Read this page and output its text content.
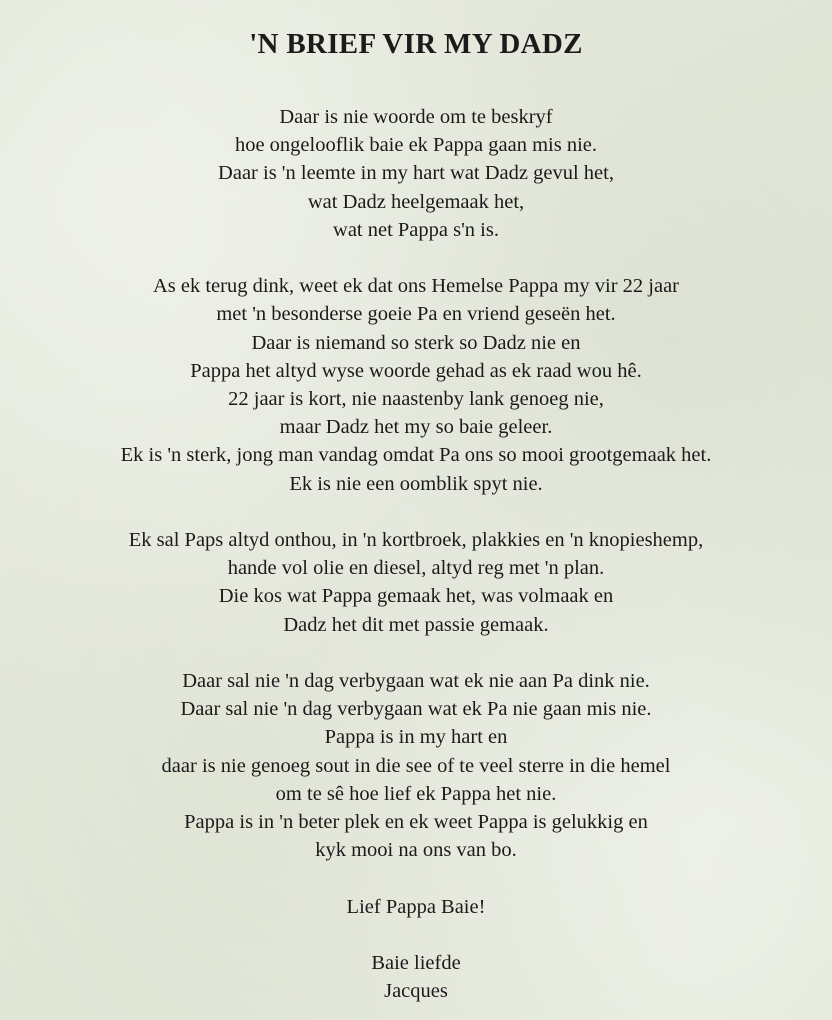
'N BRIEF VIR MY DADZ
Daar is nie woorde om te beskryf
hoe ongelooflik baie ek Pappa gaan mis nie.
Daar is 'n leemte in my hart wat Dadz gevul het,
wat Dadz heelgemaak het,
wat net Pappa s'n is.
As ek terug dink, weet ek dat ons Hemelse Pappa my vir 22 jaar
met 'n besonderse goeie Pa en vriend geseën het.
Daar is niemand so sterk so Dadz nie en
Pappa het altyd wyse woorde gehad as ek raad wou hê.
22 jaar is kort, nie naastenby lank genoeg nie,
maar Dadz het my so baie geleer.
Ek is 'n sterk, jong man vandag omdat Pa ons so mooi grootgemaak het.
Ek is nie een oomblik spyt nie.
Ek sal Paps altyd onthou, in 'n kortbroek, plakkies en 'n knopieshemp,
hande vol olie en diesel, altyd reg met 'n plan.
Die kos wat Pappa gemaak het, was volmaak en
Dadz het dit met passie gemaak.
Daar sal nie 'n dag verbygaan wat ek nie aan Pa dink nie.
Daar sal nie 'n dag verbygaan wat ek Pa nie gaan mis nie.
Pappa is in my hart en
daar is nie genoeg sout in die see of te veel sterre in die hemel
om te sê hoe lief ek Pappa het nie.
Pappa is in 'n beter plek en ek weet Pappa is gelukkig en
kyk mooi na ons van bo.
Lief Pappa Baie!
Baie liefde
Jacques
